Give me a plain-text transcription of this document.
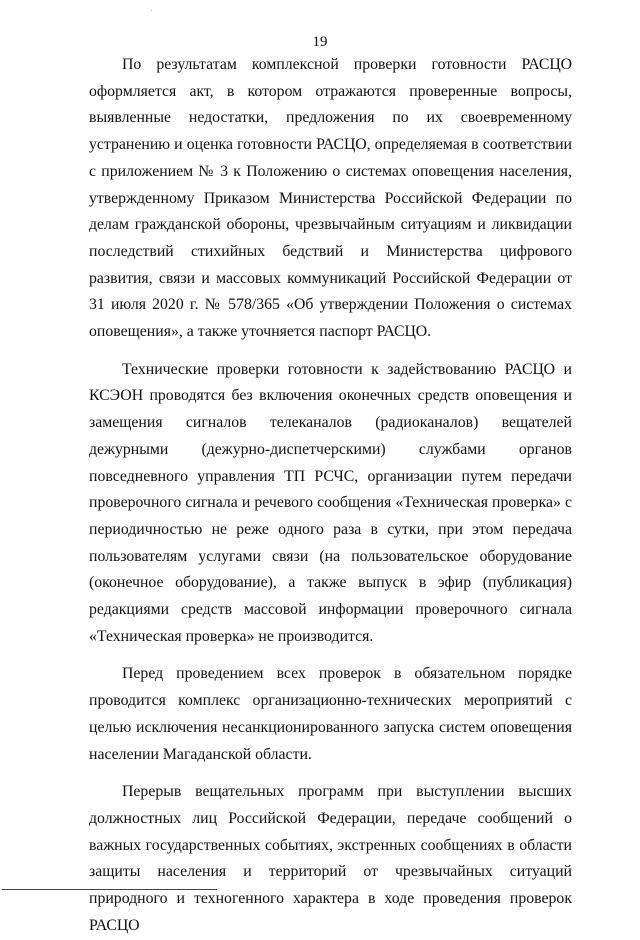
19

По результатам комплексной проверки готовности РАСЦО оформляется акт, в котором отражаются проверенные вопросы, выявленные недостатки, предложения по их своевременному устранению и оценка готовности РАСЦО, определяемая в соответствии с приложением № 3 к Положению о системах оповещения населения, утвержденному Приказом Министерства Российской Федерации по делам гражданской обороны, чрезвычайным ситуациям и ликвидации последствий стихийных бедствий и Министерства цифрового развития, связи и массовых коммуникаций Российской Федерации от 31 июля 2020 г. № 578/365 «Об утверждении Положения о системах оповещения», а также уточняется паспорт РАСЦО.

Технические проверки готовности к задействованию РАСЦО и КСЭОН проводятся без включения оконечных средств оповещения и замещения сигналов телеканалов (радиоканалов) вещателей дежурными (дежурно-диспетчерскими) службами органов повседневного управления ТП РСЧС, организации путем передачи проверочного сигнала и речевого сообщения «Техническая проверка» с периодичностью не реже одного раза в сутки, при этом передача пользователям услугами связи (на пользовательское оборудование (оконечное оборудование), а также выпуск в эфир (публикация) редакциями средств массовой информации проверочного сигнала «Техническая проверка» не производится.

Перед проведением всех проверок в обязательном порядке проводится комплекс организационно-технических мероприятий с целью исключения несанкционированного запуска систем оповещения населении Магаданской области.

Перерыв вещательных программ при выступлении высших должностных лиц Российской Федерации, передаче сообщений о важных государственных событиях, экстренных сообщениях в области защиты населения и территорий от чрезвычайных ситуаций природного и техногенного характера в ходе проведения проверок РАСЦО
